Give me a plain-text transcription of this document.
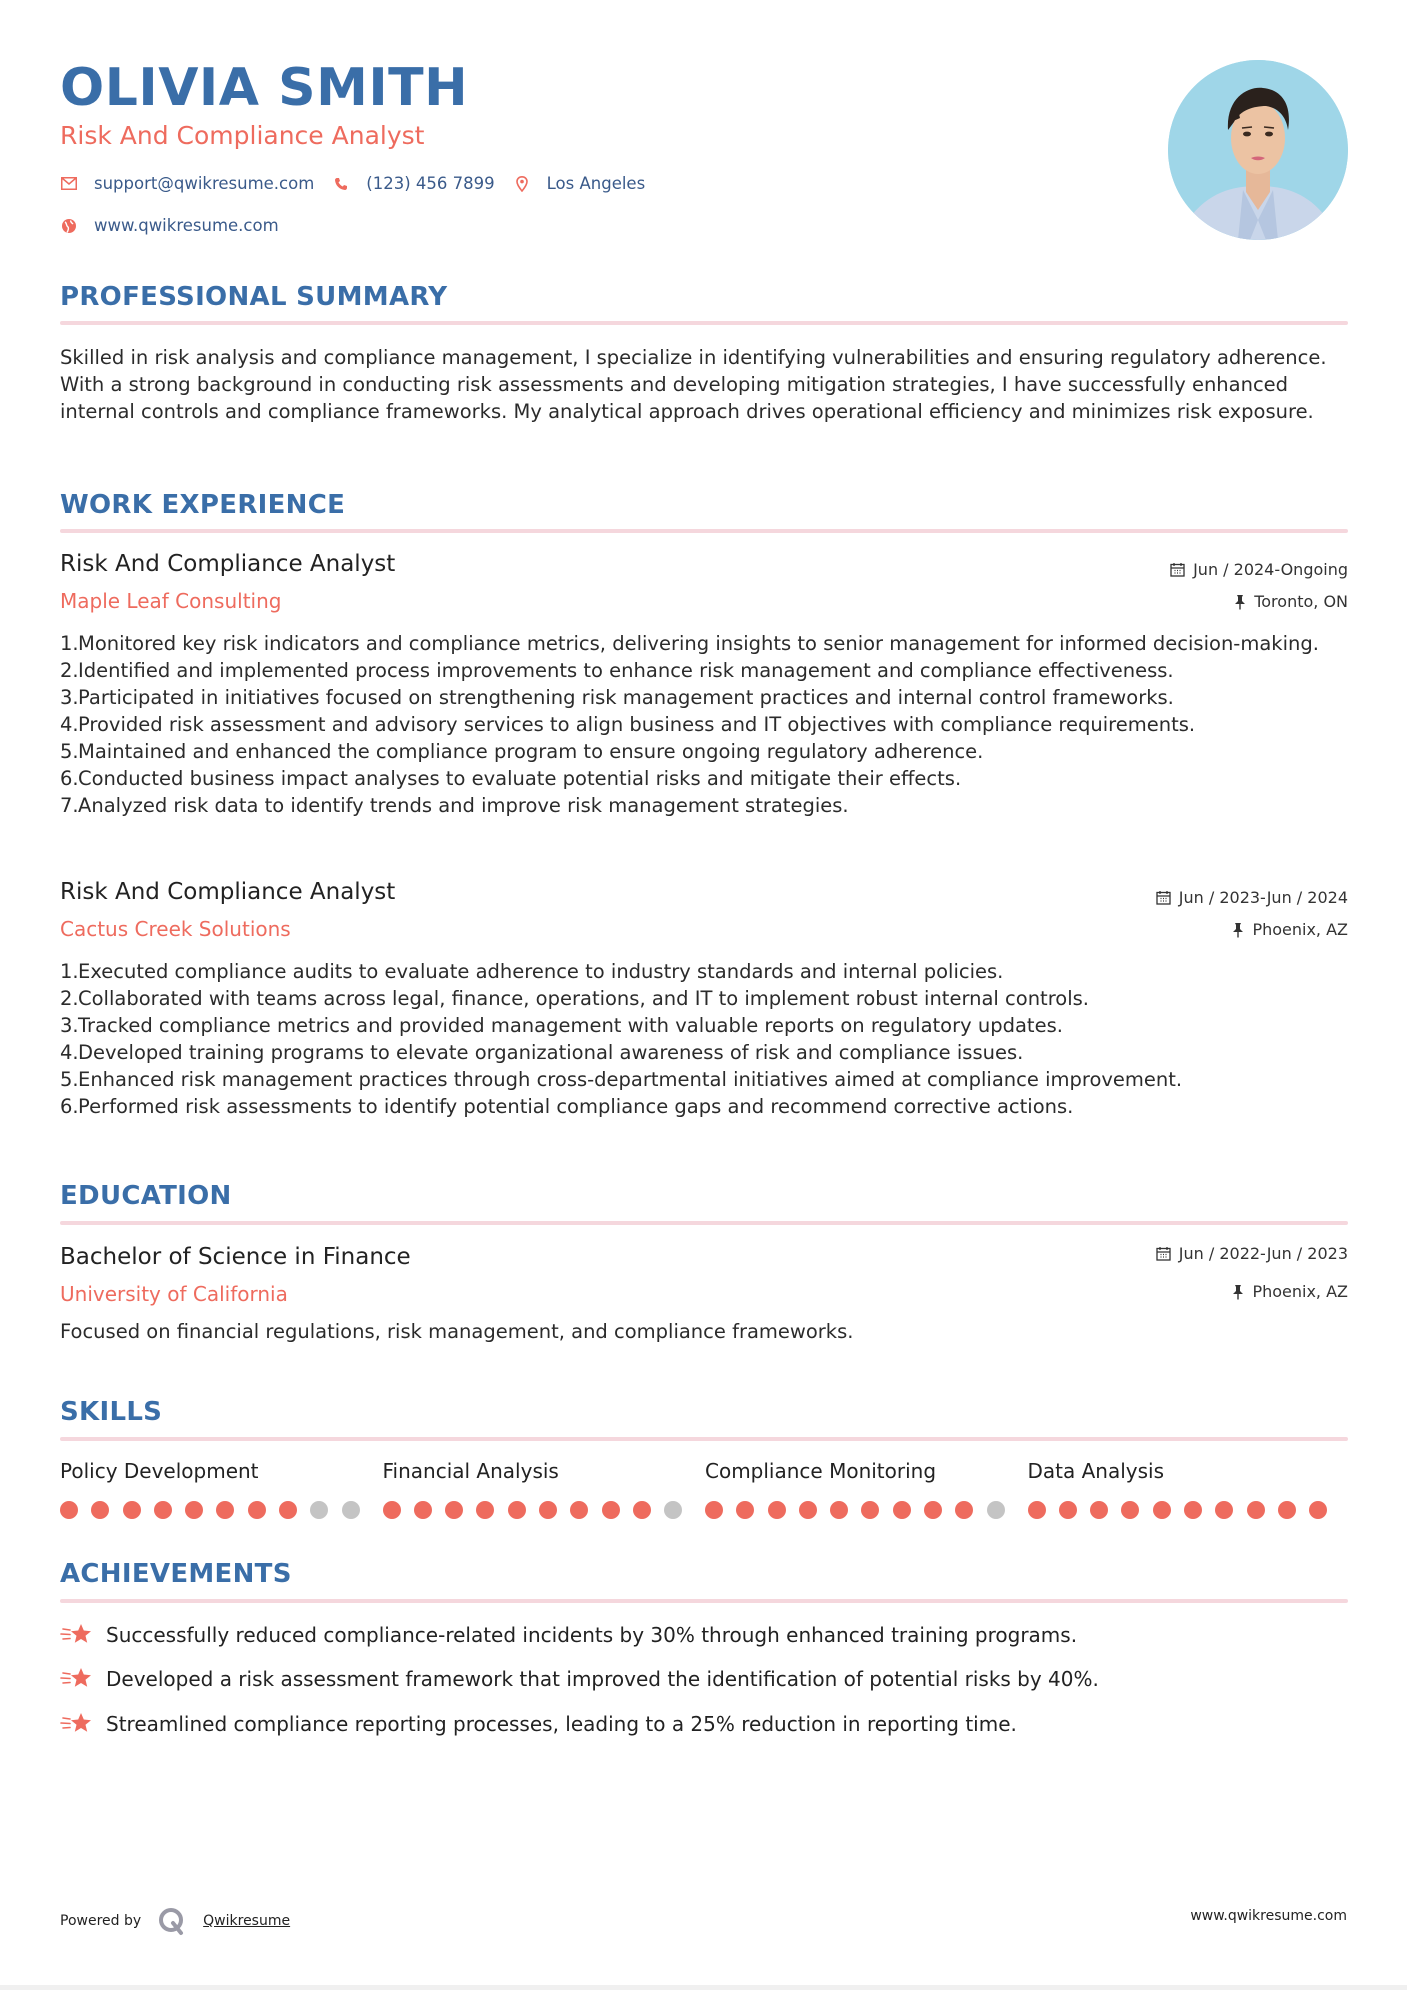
OLIVIA SMITH
Risk And Compliance Analyst
support@qwikresume.com	(123) 456 7899	Los Angeles
www.qwikresume.com
PROFESSIONAL SUMMARY
Skilled in risk analysis and compliance management, I specialize in identifying vulnerabilities and ensuring regulatory adherence. With a strong background in conducting risk assessments and developing mitigation strategies, I have successfully enhanced internal controls and compliance frameworks. My analytical approach drives operational efficiency and minimizes risk exposure.
WORK EXPERIENCE
Risk And Compliance Analyst
Maple Leaf Consulting
Jun / 2024-Ongoing
Toronto, ON
Monitored key risk indicators and compliance metrics, delivering insights to senior management for informed decision-making.
Identified and implemented process improvements to enhance risk management and compliance effectiveness.
Participated in initiatives focused on strengthening risk management practices and internal control frameworks.
Provided risk assessment and advisory services to align business and IT objectives with compliance requirements.
Maintained and enhanced the compliance program to ensure ongoing regulatory adherence.
Conducted business impact analyses to evaluate potential risks and mitigate their effects.
Analyzed risk data to identify trends and improve risk management strategies.
Risk And Compliance Analyst
Cactus Creek Solutions
Jun / 2023-Jun / 2024
Phoenix, AZ
Executed compliance audits to evaluate adherence to industry standards and internal policies.
Collaborated with teams across legal, finance, operations, and IT to implement robust internal controls.
Tracked compliance metrics and provided management with valuable reports on regulatory updates.
Developed training programs to elevate organizational awareness of risk and compliance issues.
Enhanced risk management practices through cross-departmental initiatives aimed at compliance improvement.
Performed risk assessments to identify potential compliance gaps and recommend corrective actions.
EDUCATION
Bachelor of Science in Finance
University of California
Jun / 2022-Jun / 2023
Phoenix, AZ
Focused on financial regulations, risk management, and compliance frameworks.
SKILLS
Policy Development	Financial Analysis	Compliance Monitoring	Data Analysis
ACHIEVEMENTS
Successfully reduced compliance-related incidents by 30% through enhanced training programs.
Developed a risk assessment framework that improved the identification of potential risks by 40%.
Streamlined compliance reporting processes, leading to a 25% reduction in reporting time.
Powered by	Qwikresume	www.qwikresume.com
